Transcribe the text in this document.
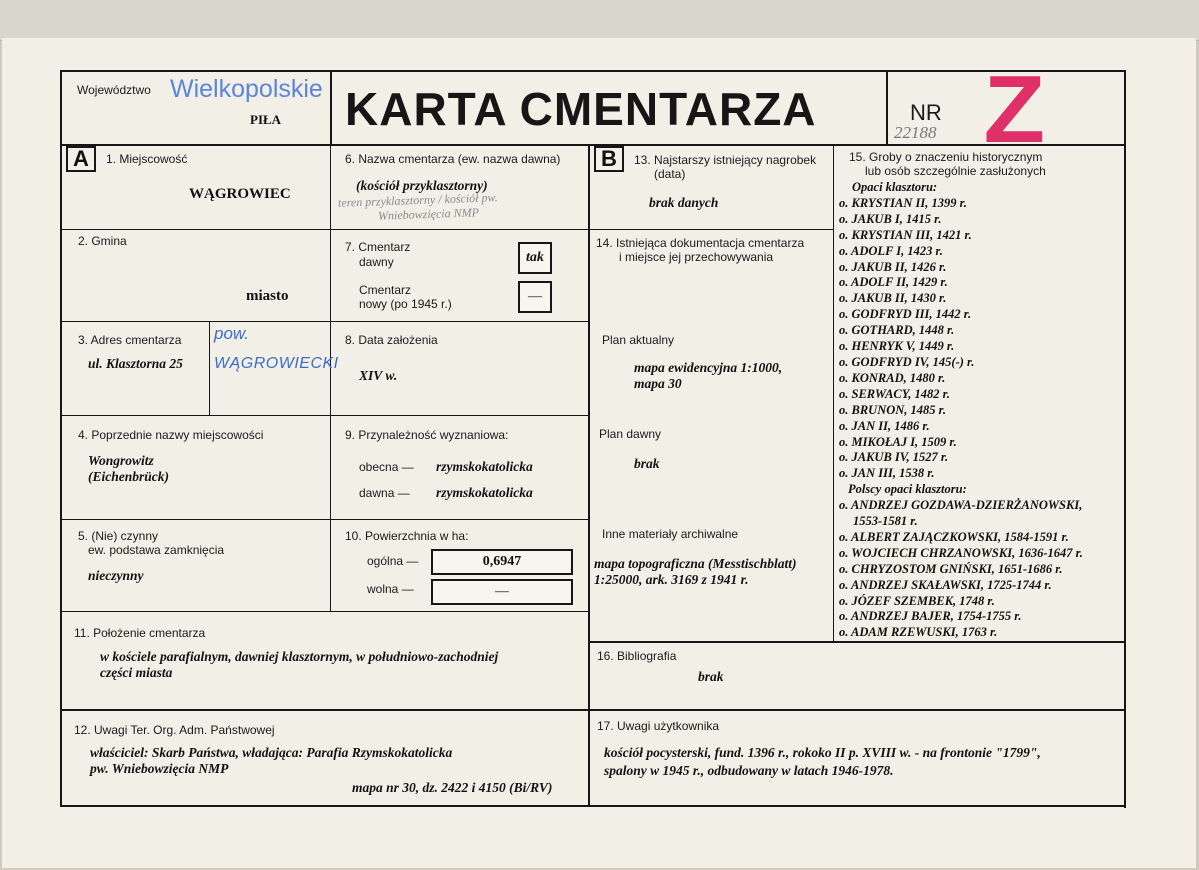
Województwo Wielkopolskie
PIŁA KARTA CMENTARZA	NR
22188 Z
A	1. Miejscowość
WĄGROWIEC
2. Gmina
miasto
3. Adres cmentarza
ul. Klasztorna 25
pow.
WĄGROWIECKI
4. Poprzednie nazwy miejscowości
Wongrowitz
(Eichenbrück)
5. (Nie) czynny
ew. podstawa zamknięcia
nieczynny
6. Nazwa cmentarza (ew. nazwa dawna)
(kościół przyklasztorny)
teren przyklasztorny / kościół pw.
Wniebowzięcia NMP
7. Cmentarz
dawny	tak
Cmentarz
nowy (po 1945 r.)	—
8. Data założenia
XIV w.
9. Przynależność wyznaniowa:
obecna — rzymskokatolicka
dawna — rzymskokatolicka
10. Powierzchnia w ha:
ogólna —	0,6947
wolna —	—
11. Położenie cmentarza
w kościele parafialnym, dawniej klasztornym, w południowo-zachodniej
części miasta
12. Uwagi Ter. Org. Adm. Państwowej
właściciel: Skarb Państwa, władająca: Parafia Rzymskokatolicka
pw. Wniebowzięcia NMP
mapa nr 30, dz. 2422 i 4150 (Bi/RV)
B	13. Najstarszy istniejący nagrobek
(data)
brak danych
14. Istniejąca dokumentacja cmentarza
i miejsce jej przechowywania
Plan aktualny
mapa ewidencyjna 1:1000,
mapa 30
Plan dawny
brak
Inne materiały archiwalne
mapa topograficzna (Messtischblatt)
1:25000, ark. 3169 z 1941 r.
15. Groby o znaczeniu historycznym
lub osób szczególnie zasłużonych
Opaci klasztoru:
o. KRYSTIAN II, 1399 r.
o. JAKUB I, 1415 r.
o. KRYSTIAN III, 1421 r.
o. ADOLF I, 1423 r.
o. JAKUB II, 1426 r.
o. ADOLF II, 1429 r.
o. JAKUB II, 1430 r.
o. GODFRYD III, 1442 r.
o. GOTHARD, 1448 r.
o. HENRYK V, 1449 r.
o. GODFRYD IV, 145(-) r.
o. KONRAD, 1480 r.
o. SERWACY, 1482 r.
o. BRUNON, 1485 r.
o. JAN II, 1486 r.
o. MIKOŁAJ I, 1509 r.
o. JAKUB IV, 1527 r.
o. JAN III, 1538 r.
Polscy opaci klasztoru:
o. ANDRZEJ GOZDAWA-DZIERŻANOWSKI,
1553-1581 r.
o. ALBERT ZAJĄCZKOWSKI, 1584-1591 r.
o. WOJCIECH CHRZANOWSKI, 1636-1647 r.
o. CHRYZOSTOM GNIŃSKI, 1651-1686 r.
o. ANDRZEJ SKAŁAWSKI, 1725-1744 r.
o. JÓZEF SZEMBEK, 1748 r.
o. ANDRZEJ BAJER, 1754-1755 r.
o. ADAM RZEWUSKI, 1763 r.
16. Bibliografia
brak
17. Uwagi użytkownika
kościół pocysterski, fund. 1396 r., rokoko II p. XVIII w. - na frontonie "1799",
spalony w 1945 r., odbudowany w latach 1946-1978.
